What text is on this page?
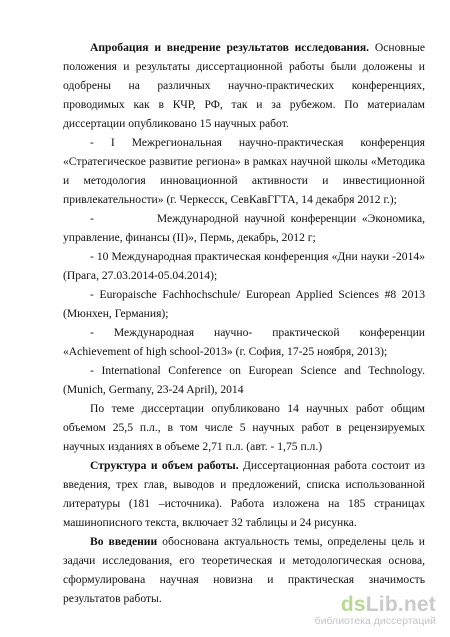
Апробация и внедрение результатов исследования. Основные положения и результаты диссертационной работы были доложены и одобрены на различных научно-практических конференциях, проводимых как в КЧР, РФ, так и за рубежом. По материалам диссертации опубликовано 15 научных работ.

- I Межрегиональная научно-практическая конференция «Стратегическое развитие региона» в рамках научной школы «Методика и методология инновационной активности и инвестиционной привлекательности» (г. Черкесск, СевКавГГТА, 14 декабря 2012 г.);

-           Международной научной конференции «Экономика, управление, финансы (II)», Пермь, декабрь, 2012 г;

- 10 Международная практическая конференция «Дни науки -2014» (Прага, 27.03.2014-05.04.2014);

- Europaische Fachhochschule/ European Applied Sciences #8 2013 (Мюнхен, Германия);

- Международная научно- практической конференции «Achievement of high school-2013» (г. София, 17-25 ноября, 2013);

- International Conference on European Science and Technology. (Munich, Germany, 23-24 April), 2014

По теме диссертации опубликовано 14 научных работ общим объемом 25,5 п.л., в том числе 5 научных работ в рецензируемых научных изданиях в объеме 2,71 п.л. (авт. - 1,75 п.л.)

Структура и объем работы. Диссертационная работа состоит из введения, трех глав, выводов и предложений, списка использованной литературы (181 –источника). Работа изложена на 185 страницах машинописного текста, включает 32 таблицы и 24 рисунка.

Во введении обоснована актуальность темы, определены цель и задачи исследования, его теоретическая и методологическая основа, сформулирована научная новизна и практическая значимость результатов работы.	dsLib.net
библиотека диссертаций
